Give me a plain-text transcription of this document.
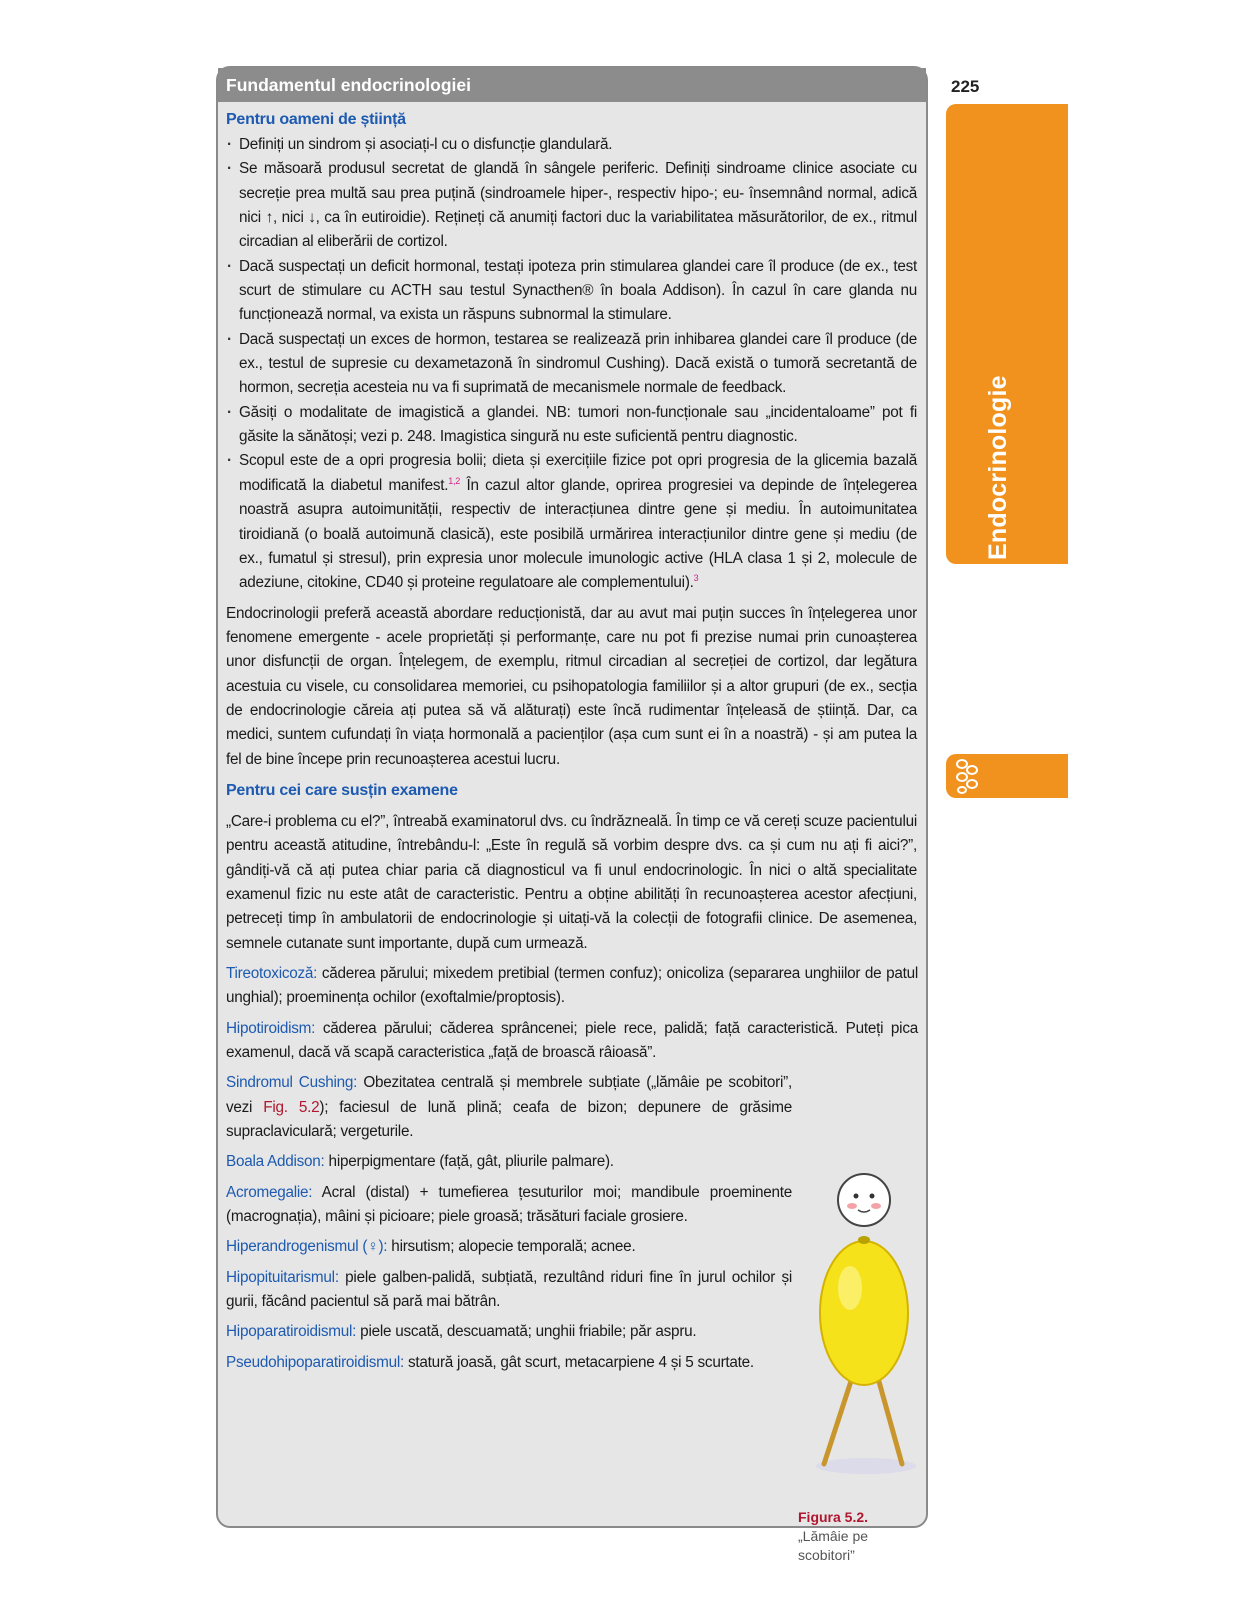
225
Endocrinologie
Fundamentul endocrinologiei
Pentru oameni de știință
· Definiți un sindrom și asociați-l cu o disfuncție glandulară.
· Se măsoară produsul secretat de glandă în sângele periferic. Definiți sindroame clinice asociate cu secreție prea multă sau prea puțină (sindroamele hiper-, respectiv hipo-; eu- însemnând normal, adică nici ↑, nici ↓, ca în eutiroidie). Rețineți că anumiți factori duc la variabilitatea măsurătorilor, de ex., ritmul circadian al eliberării de cortizol.
· Dacă suspectați un deficit hormonal, testați ipoteza prin stimularea glandei care îl produce (de ex., test scurt de stimulare cu ACTH sau testul Synacthen® în boala Addison). În cazul în care glanda nu funcționează normal, va exista un răspuns subnormal la stimulare.
· Dacă suspectați un exces de hormon, testarea se realizează prin inhibarea glandei care îl produce (de ex., testul de supresie cu dexametazonă în sindromul Cushing). Dacă există o tumoră secretantă de hormon, secreția acesteia nu va fi suprimată de mecanismele normale de feedback.
· Găsiți o modalitate de imagistică a glandei. NB: tumori non-funcționale sau „incidentaloame” pot fi găsite la sănătoși; vezi p. 248. Imagistica singură nu este suficientă pentru diagnostic.
· Scopul este de a opri progresia bolii; dieta și exercițiile fizice pot opri progresia de la glicemia bazală modificată la diabetul manifest.$^{1,2}$ În cazul altor glande, oprirea progresiei va depinde de înțelegerea noastră asupra autoimunității, respectiv de interacțiunea dintre gene și mediu. În autoimunitatea tiroidiană (o boală autoimună clasică), este posibilă urmărirea interacțiunilor dintre gene și mediu (de ex., fumatul și stresul), prin expresia unor molecule imunologic active (HLA clasa 1 și 2, molecule de adeziune, citokine, CD40 și proteine regulatoare ale complementului).$^3$

Endocrinologii preferă această abordare reducționistă, dar au avut mai puțin succes în înțelegerea unor fenomene emergente - acele proprietăți și performanțe, care nu pot fi prezise numai prin cunoașterea unor disfuncții de organ. Înțelegem, de exemplu, ritmul circadian al secreției de cortizol, dar legătura acestuia cu visele, cu consolidarea memoriei, cu psihopatologia familiilor și a altor grupuri (de ex., secția de endocrinologie căreia ați putea să vă alăturați) este încă rudimentar înțeleasă de știință. Dar, ca medici, suntem cufundați în viața hormonală a pacienților (așa cum sunt ei în a noastră) - și am putea la fel de bine începe prin recunoașterea acestui lucru.

Pentru cei care susțin examene

„Care-i problema cu el?”, întreabă examinatorul dvs. cu îndrăzneală. În timp ce vă cereți scuze pacientului pentru această atitudine, întrebându-l: „Este în regulă să vorbim despre dvs. ca și cum nu ați fi aici?”, gândiți-vă că ați putea chiar paria că diagnosticul va fi unul endocrinologic. În nici o altă specialitate examenul fizic nu este atât de caracteristic. Pentru a obține abilități în recunoașterea acestor afecțiuni, petreceți timp în ambulatorii de endocrinologie și uitați-vă la colecții de fotografii clinice. De asemenea, semnele cutanate sunt importante, după cum urmează.

Tireotoxicoză: căderea părului; mixedem pretibial (termen confuz); onicoliza (separarea unghiilor de patul unghial); proeminența ochilor (exoftalmie/proptosis).

Hipotiroidism: căderea părului; căderea sprâncenei; piele rece, palidă; față caracteristică. Puteți pica examenul, dacă vă scapă caracteristica „față de broască râioasă”.

Sindromul Cushing: Obezitatea centrală și membrele subțiate („lămâie pe scobitori”, vezi Fig. 5.2); faciesul de lună plină; ceafa de bizon; depunere de grăsime supraclaviculară; vergeturile.

Boala Addison: hiperpigmentare (față, gât, pliurile palmare).

Acromegalie: Acral (distal) + tumefierea țesuturilor moi; mandibule proeminente (macrognația), mâini și picioare; piele groasă; trăsături faciale grosiere.

Hiperandrogenismul (♀): hirsutism; alopecie temporală; acnee.

Hipopituitarismul: piele galben-palidă, subțiată, rezultând riduri fine în jurul ochilor și gurii, făcând pacientul să pară mai bătrân.

Hipoparatiroidismul: piele uscată, descuamată; unghii friabile; păr aspru.

Pseudohipoparatiroidismul: statură joasă, gât scurt, metacarpiene 4 și 5 scurtate.

Figura 5.2.
„Lămâie pe scobitori”
